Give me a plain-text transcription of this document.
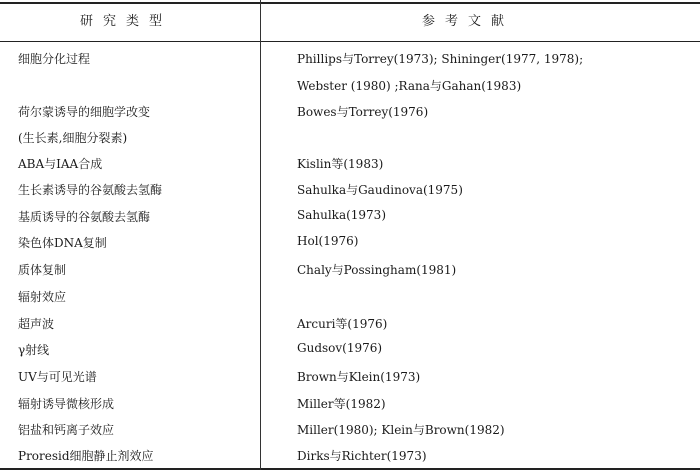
研究类型	参考文献
细胞分化过程	Phillips与Torrey(1973); Shininger(1977, 1978);
Webster (1980) ;Rana与Gahan(1983)
荷尔蒙诱导的细胞学改变	Bowes与Torrey(1976)
(生长素,细胞分裂素)
ABA与IAA合成	Kislin等(1983)
生长素诱导的谷氨酸去氢酶	Sahulka与Gaudinova(1975)
基质诱导的谷氨酸去氢酶	Sahulka(1973)
染色体DNA复制	Hol(1976)
质体复制	Chaly与Possingham(1981)
辐射效应
超声波	Arcuri等(1976)
γ射线	Gudsov(1976)
UV与可见光谱	Brown与Klein(1973)
辐射诱导微核形成	Miller等(1982)
铝盐和钙离子效应	Miller(1980); Klein与Brown(1982)
Proresid细胞静止剂效应	Dirks与Richter(1973)
